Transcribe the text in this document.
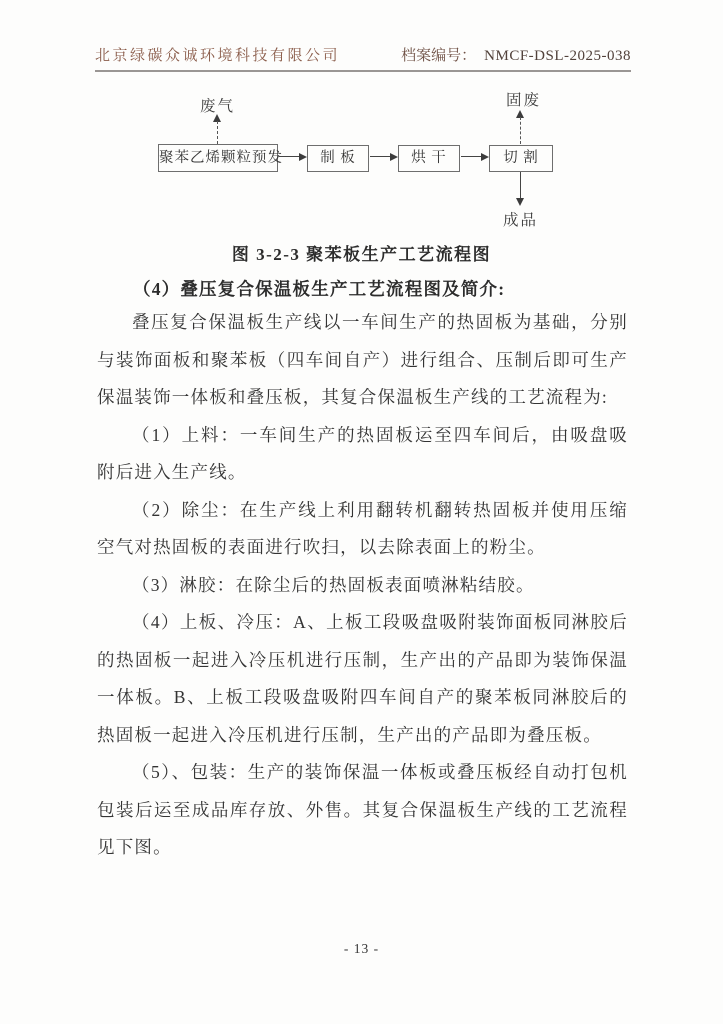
北京绿碳众诚环境科技有限公司	档案编号： NMCF-DSL-2025-038
废气
聚苯乙烯颗粒预发	制 板	烘 干	切 割
固废
成品
图 3-2-3 聚苯板生产工艺流程图
（4）叠压复合保温板生产工艺流程图及简介:

叠压复合保温板生产线以一车间生产的热固板为基础，分别与装饰面板和聚苯板（四车间自产）进行组合、压制后即可生产保温装饰一体板和叠压板，其复合保温板生产线的工艺流程为:

（1）上料：一车间生产的热固板运至四车间后，由吸盘吸附后进入生产线。

（2）除尘：在生产线上利用翻转机翻转热固板并使用压缩空气对热固板的表面进行吹扫，以去除表面上的粉尘。

（3）淋胶：在除尘后的热固板表面喷淋粘结胶。

（4）上板、冷压：A、上板工段吸盘吸附装饰面板同淋胶后的热固板一起进入冷压机进行压制，生产出的产品即为装饰保温一体板。B、上板工段吸盘吸附四车间自产的聚苯板同淋胶后的热固板一起进入冷压机进行压制，生产出的产品即为叠压板。

（5）、包装：生产的装饰保温一体板或叠压板经自动打包机包装后运至成品库存放、外售。其复合保温板生产线的工艺流程见下图。

- 13 -
